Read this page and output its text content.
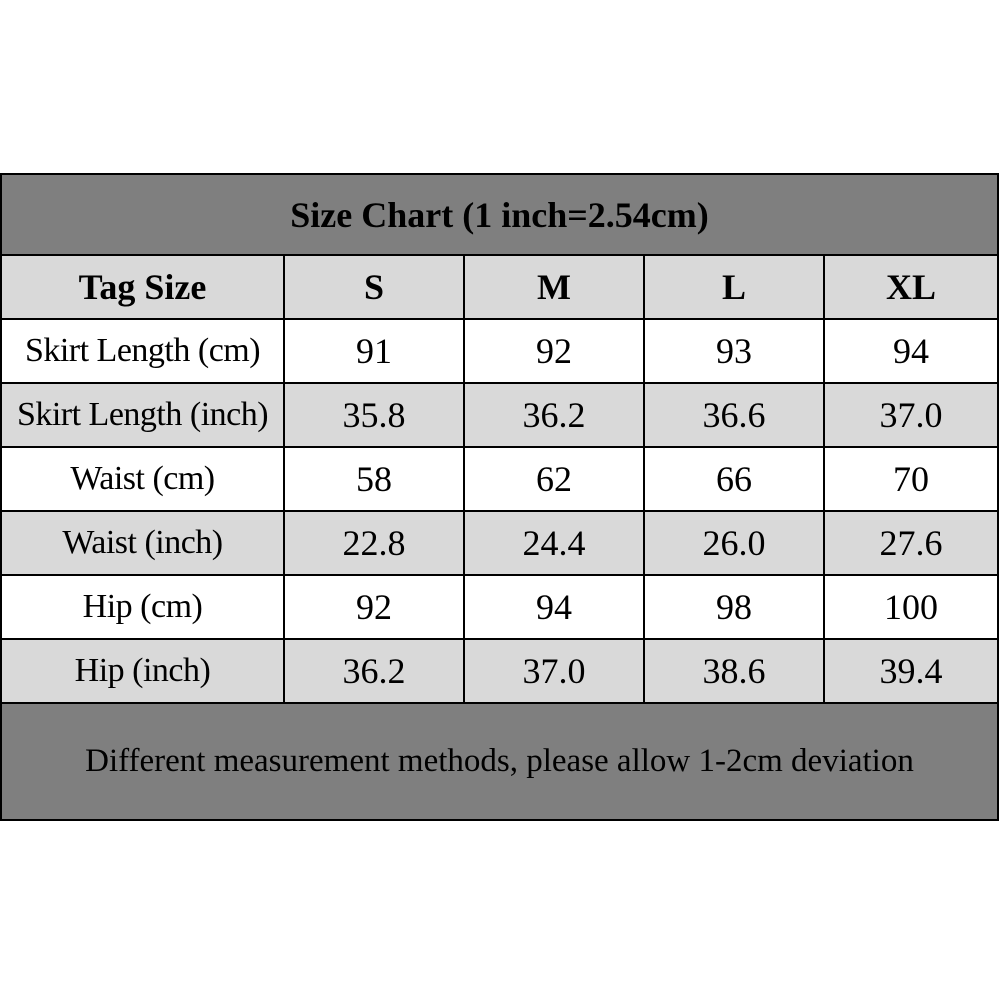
Size Chart (1 inch=2.54cm)
Tag Size	S	M	L	XL
Skirt Length (cm)	91	92	93	94
Skirt Length (inch)	35.8	36.2	36.6	37.0
Waist (cm)	58	62	66	70
Waist (inch)	22.8	24.4	26.0	27.6
Hip (cm)	92	94	98	100
Hip (inch)	36.2	37.0	38.6	39.4
Different measurement methods, please allow 1-2cm deviation
